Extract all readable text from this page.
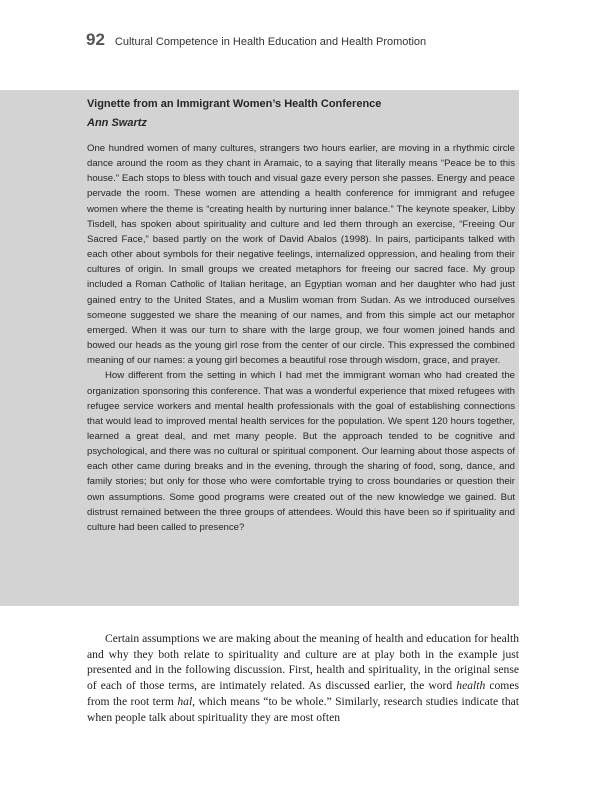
92 Cultural Competence in Health Education and Health Promotion
Vignette from an Immigrant Women’s Health Conference

Ann Swartz

One hundred women of many cultures, strangers two hours earlier, are moving in a rhythmic circle dance around the room as they chant in Aramaic, to a saying that literally means “Peace be to this house.” Each stops to bless with touch and visual gaze every person she passes. Energy and peace pervade the room. These women are attending a health conference for immigrant and refugee women where the theme is “creating health by nurturing inner balance.” The keynote speaker, Libby Tisdell, has spoken about spirituality and culture and led them through an exercise, “Freeing Our Sacred Face,” based partly on the work of David Abalos (1998). In pairs, participants talked with each other about symbols for their negative feelings, internalized oppression, and healing from their cultures of origin. In small groups we created metaphors for freeing our sacred face. My group included a Roman Catholic of Italian heritage, an Egyptian woman and her daughter who had just gained entry to the United States, and a Muslim woman from Sudan. As we introduced ourselves someone suggested we share the meaning of our names, and from this simple act our metaphor emerged. When it was our turn to share with the large group, we four women joined hands and bowed our heads as the young girl rose from the center of our circle. This expressed the combined meaning of our names: a young girl becomes a beautiful rose through wisdom, grace, and prayer.

How different from the setting in which I had met the immigrant woman who had created the organization sponsoring this conference. That was a wonderful experience that mixed refugees with refugee service workers and mental health professionals with the goal of establishing connections that would lead to improved mental health services for the population. We spent 120 hours together, learned a great deal, and met many people. But the approach tended to be cognitive and psychological, and there was no cultural or spiritual component. Our learning about those aspects of each other came during breaks and in the evening, through the sharing of food, song, dance, and family stories; but only for those who were comfortable trying to cross boundaries or question their own assumptions. Some good programs were created out of the new knowledge we gained. But distrust remained between the three groups of attendees. Would this have been so if spirituality and culture had been called to presence?

Certain assumptions we are making about the meaning of health and education for health and why they both relate to spirituality and culture are at play both in the example just presented and in the following discussion. First, health and spirituality, in the original sense of each of those terms, are intimately related. As discussed earlier, the word health comes from the root term hal, which means “to be whole.” Similarly, research studies indicate that when people talk about spirituality they are most often
